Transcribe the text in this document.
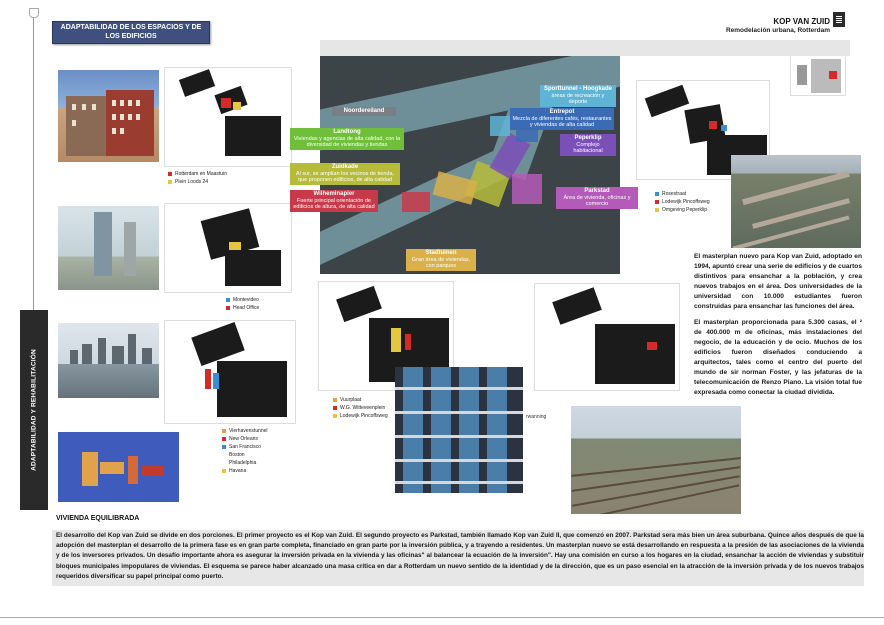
ADAPTABILIDAD Y REHABILITACIÓN
ADAPTABILIDAD DE LOS ESPACIOS Y DE LOS EDIFICIOS
KOP VAN ZUID
Remodelación urbana, Rotterdam
Rotterdam en Maastuin
Plein Loods 24
Montevideo
Head Office
Vierhavenstunnel
New Orleans
San Francisco
Boston
Philadelphia
Havana
Noordereiland
Landtong
Viviendas y agencias de alta calidad, con la diversidad de viviendas y tiendas
Zuidkade
Al sur, se amplían los vecinos de tienda, que proponen edificios, de alta calidad
Wilheminapier
Fuerte principal orientación de edificios de altura, de alta calidad
Sporttunnel - Hoogkade
áreas de recreación y deporte
Entrepot
Mezcla de diferentes cafés, restaurantes y viviendas de alta calidad
Peperklip
Complejo habitacional
Parkstad
Área de vivienda, oficinas y comercio
Stadtuinen
Gran área de viviendas, con parques
Rosestraat
Lodewijk Pincoffsweg
Omgeving Peperklip
Vuurplaat
W.G. Witteveenplein
Lodewijk Pincoffsweg	rwanning

El masterplan nuevo para Kop van Zuid, adoptado en 1994, apuntó crear una serie de edificios y de cuartos distintivos para ensanchar a la población, y crea nuevos trabajos en el área. Dos universidades de la universidad con 10.000 estudiantes fueron construidas para ensanchar las funciones del área.

El masterplan proporcionada para 5.300 casas, el ² de 400.000 m de oficinas, más instalaciones del negocio, de la educación y de ocio. Muchos de los edificios fueron diseñados conduciendo a arquitectos, tales como el centro del puerto del mundo de sir norman Foster, y las jefaturas de la telecomunicación de Renzo Piano. La visión total fue expresada como conectar la ciudad dividida.

VIVIENDA EQUILIBRADA
El desarrollo del Kop van Zuid se divide en dos porciones. El primer proyecto es el Kop van Zuid. El segundo proyecto es Parkstad, también llamado Kop van Zuid II, que comenzó en 2007. Parkstad sera más bien un área suburbana. Quince años después de que la adopción del masterplan el desarrollo de la primera fase es en gran parte completa, financiado en gran parte por la inversión pública, y a trayendo a residentes. Un masterplan nuevo se está desarrollando en respuesta a la presión de las asociaciones de la vivienda y de los inversores privados. Un desafío importante ahora es asegurar la inversión privada en la vivienda y las oficinas" al balancear la ecuación de la inversión". Hay una comisión en curso a los hogares en la ciudad, ensanchar la acción de viviendas y substituir bloques municipales impopulares de viviendas. El esquema se parece haber alcanzado una masa crítica en dar a Rotterdam un nuevo sentido de la identidad y de la dirección, que es un paso esencial en la atracción de la inversión privada y de los nuevos trabajos requeridos diversificar su papel principal como puerto.
